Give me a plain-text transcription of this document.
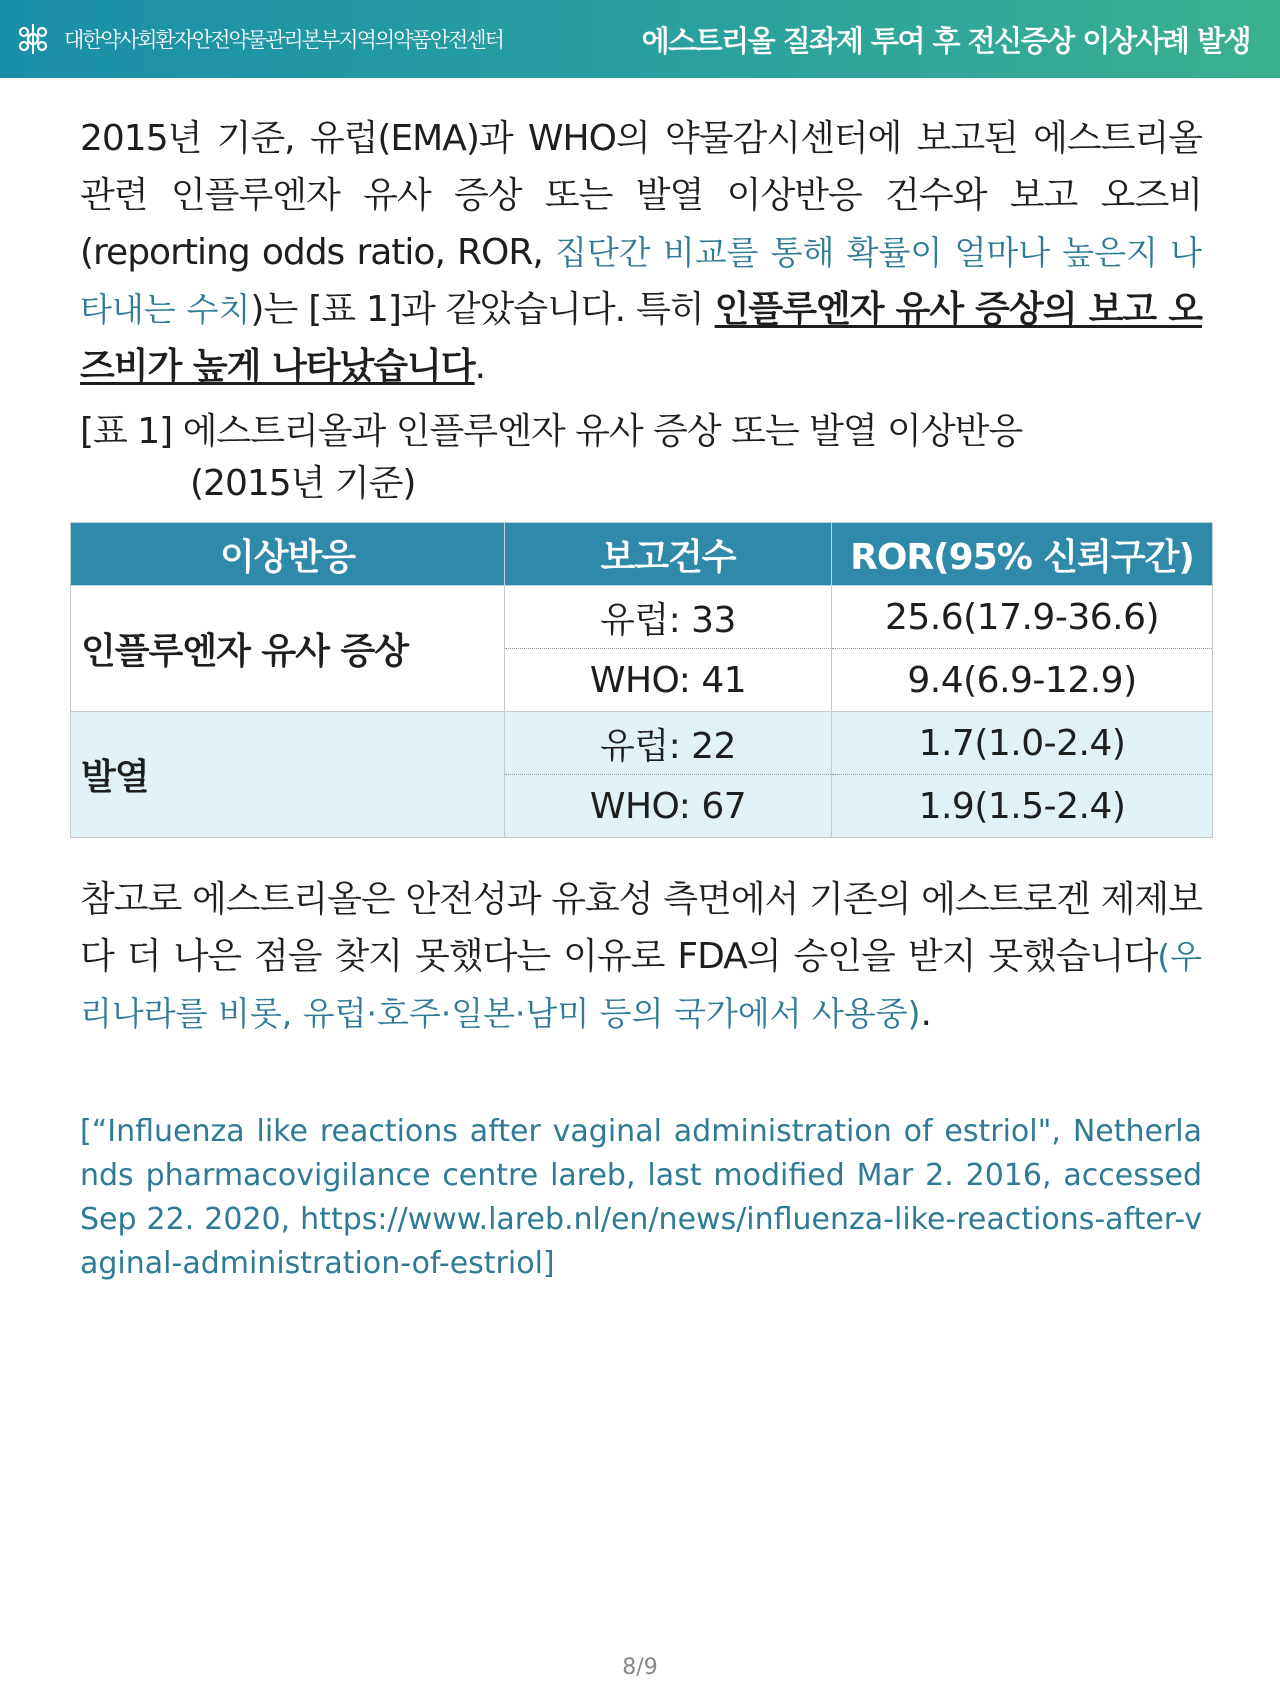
대한약사회환자안전약물관리본부지역의약품안전센터	에스트리올 질좌제 투여 후 전신증상 이상사례 발생

2015년 기준, 유럽(EMA)과 WHO의 약물감시센터에 보고된 에스트리올 관련 인플루엔자 유사 증상 또는 발열 이상반응 건수와 보고 오즈비(reporting odds ratio, ROR, 집단간 비교를 통해 확률이 얼마나 높은지 나타내는 수치)는 [표 1]과 같았습니다. 특히 인플루엔자 유사 증상의 보고 오즈비가 높게 나타났습니다.

[표 1] 에스트리올과 인플루엔자 유사 증상 또는 발열 이상반응
(2015년 기준)
이상반응	보고건수	ROR(95% 신뢰구간)
인플루엔자 유사 증상	유럽: 33	25.6(17.9-36.6)
	WHO: 41	9.4(6.9-12.9)
발열	유럽: 22	1.7(1.0-2.4)
	WHO: 67	1.9(1.5-2.4)

참고로 에스트리올은 안전성과 유효성 측면에서 기존의 에스트로겐 제제보다 더 나은 점을 찾지 못했다는 이유로 FDA의 승인을 받지 못했습니다(우리나라를 비롯, 유럽·호주·일본·남미 등의 국가에서 사용중).

[“Influenza like reactions after vaginal administration of estriol", Netherlands pharmacovigilance centre lareb, last modified Mar 2. 2016, accessed Sep 22. 2020, https://www.lareb.nl/en/news/influenza-like-reactions-after-vaginal-administration-of-estriol]

8/9
